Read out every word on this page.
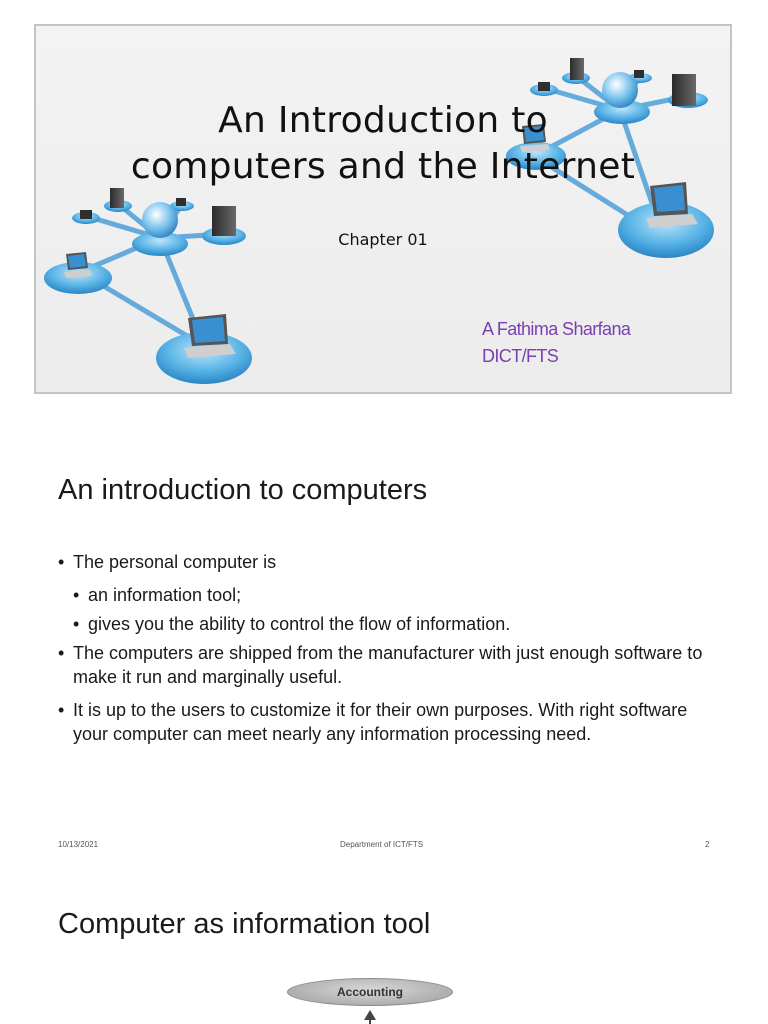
An Introduction to
computers and the Internet
Chapter 01
A Fathima Sharfana
DICT/FTS
An introduction to computers
• The personal computer is
• an information tool;
• gives you the ability to control the flow of information.
• The computers are shipped from the manufacturer with just enough software to make it run and marginally useful.
• It is up to the users to customize it for their own purposes. With right software your computer can meet nearly any information processing need.
10/13/2021	Department of ICT/FTS	2
Computer as information tool
Accounting
